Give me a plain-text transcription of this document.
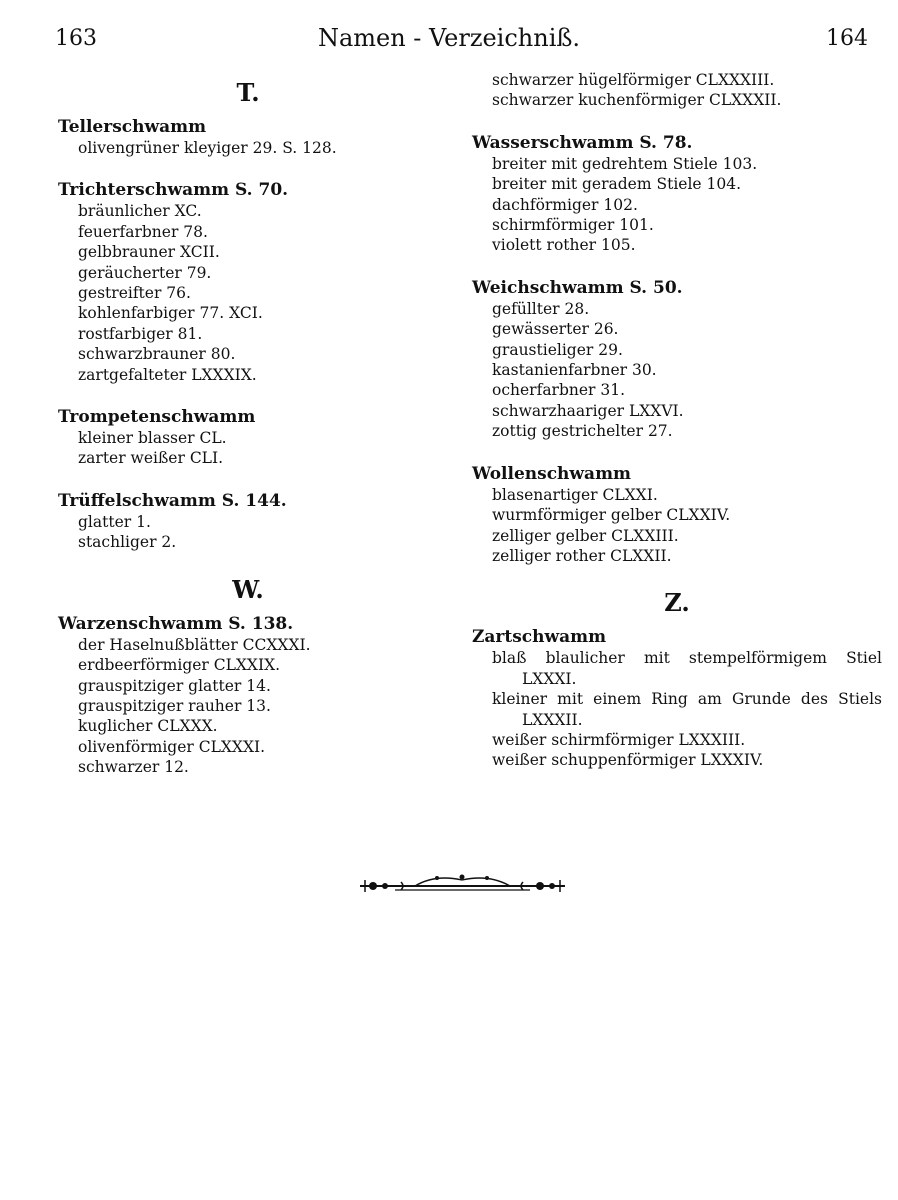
163	Namen - Verzeichniß.	164
T.
Tellerschwamm
olivengrüner kleyiger 29. S. 128.
Trichterschwamm S. 70.
bräunlicher XC.
feuerfarbner 78.
gelbbrauner XCII.
geräucherter 79.
gestreifter 76.
kohlenfarbiger 77. XCI.
rostfarbiger 81.
schwarzbrauner 80.
zartgefalteter LXXXIX.
Trompetenschwamm
kleiner blasser CL.
zarter weißer CLI.
Trüffelschwamm S. 144.
glatter 1.
stachliger 2.
W.
Warzenschwamm S. 138.
der Haselnußblätter CCXXXI.
erdbeerförmiger CLXXIX.
grauspitziger glatter 14.
grauspitziger rauher 13.
kuglicher CLXXX.
olivenförmiger CLXXXI.
schwarzer 12.
schwarzer hügelförmiger CLXXXIII.
schwarzer kuchenförmiger CLXXXII.
Wasserschwamm S. 78.
breiter mit gedrehtem Stiele 103.
breiter mit geradem Stiele 104.
dachförmiger 102.
schirmförmiger 101.
violett rother 105.
Weichschwamm S. 50.
gefüllter 28.
gewässerter 26.
graustieliger 29.
kastanienfarbner 30.
ocherfarbner 31.
schwarzhaariger LXXVI.
zottig gestrichelter 27.
Wollenschwamm
blasenartiger CLXXI.
wurmförmiger gelber CLXXIV.
zelliger gelber CLXXIII.
zelliger rother CLXXII.
Z.
Zartschwamm
blaß blaulicher mit stempelförmigem Stiel
LXXXI.
kleiner mit einem Ring am Grunde des Stiels
LXXXII.
weißer schirmförmiger LXXXIII.
weißer schuppenförmiger LXXXIV.
